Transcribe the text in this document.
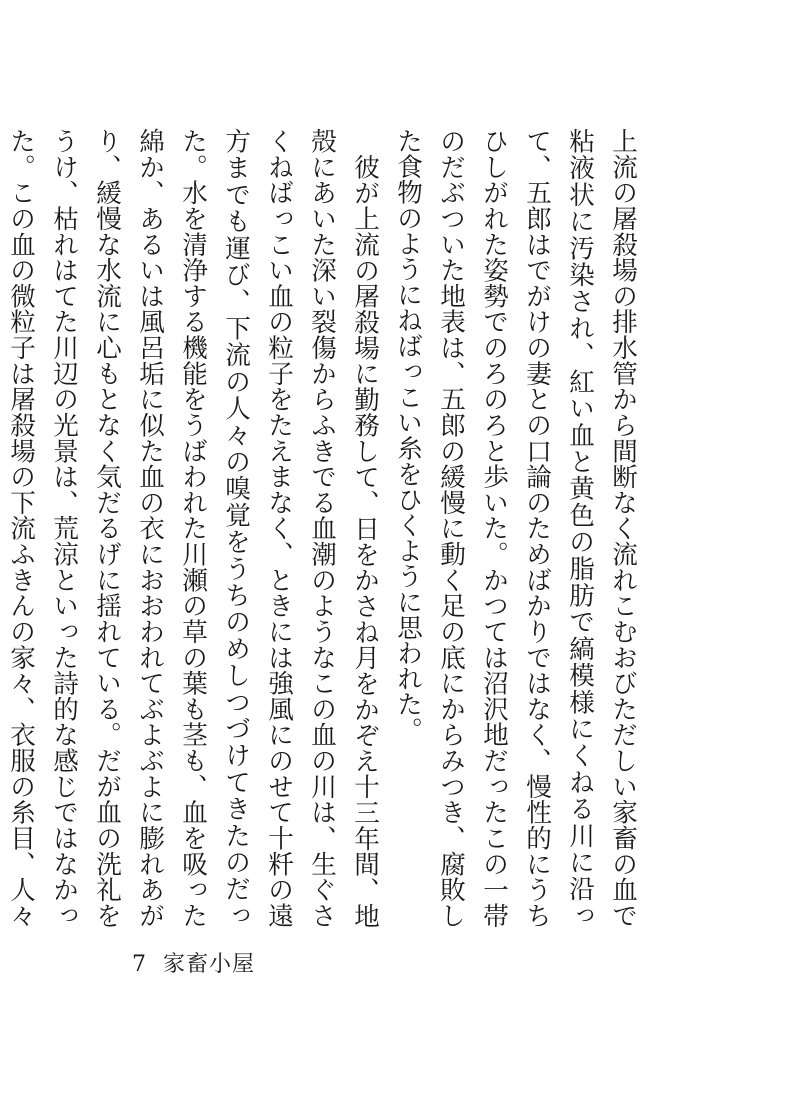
上流の屠殺場の排水管から間断なく流れこむおびただしい家畜の血で粘液状に汚染され、紅い血と黄色の脂肪で縞模様にくねる川に沿って、五郎はでがけの妻との口論のためばかりではなく、慢性的にうちひしがれた姿勢でのろのろと歩いた。かつては沼沢地だったこの一帯のだぶついた地表は、五郎の緩慢に動く足の底にからみつき、腐敗した食物のようにねばっこい糸をひくように思われた。

彼が上流の屠殺場に勤務して、日をかさね月をかぞえ十三年間、地殻にあいた深い裂傷からふきでる血潮のようなこの血の川は、生ぐさくねばっこい血の粒子をたえまなく、ときには強風にのせて十粁の遠方までも運び、下流の人々の嗅覚をうちのめしつづけてきたのだった。水を清浄する機能をうばわれた川瀬の草の葉も茎も、血を吸った綿か、あるいは風呂垢に似た血の衣におおわれてぶよぶよに膨れあがり、緩慢な水流に心もとなく気だるげに揺れている。だが血の洗礼をうけ、枯れはてた川辺の光景は、荒涼といった詩的な感じではなかった。この血の微粒子は屠殺場の下流ふきんの家々、衣服の糸目、人々

7 家畜小屋
